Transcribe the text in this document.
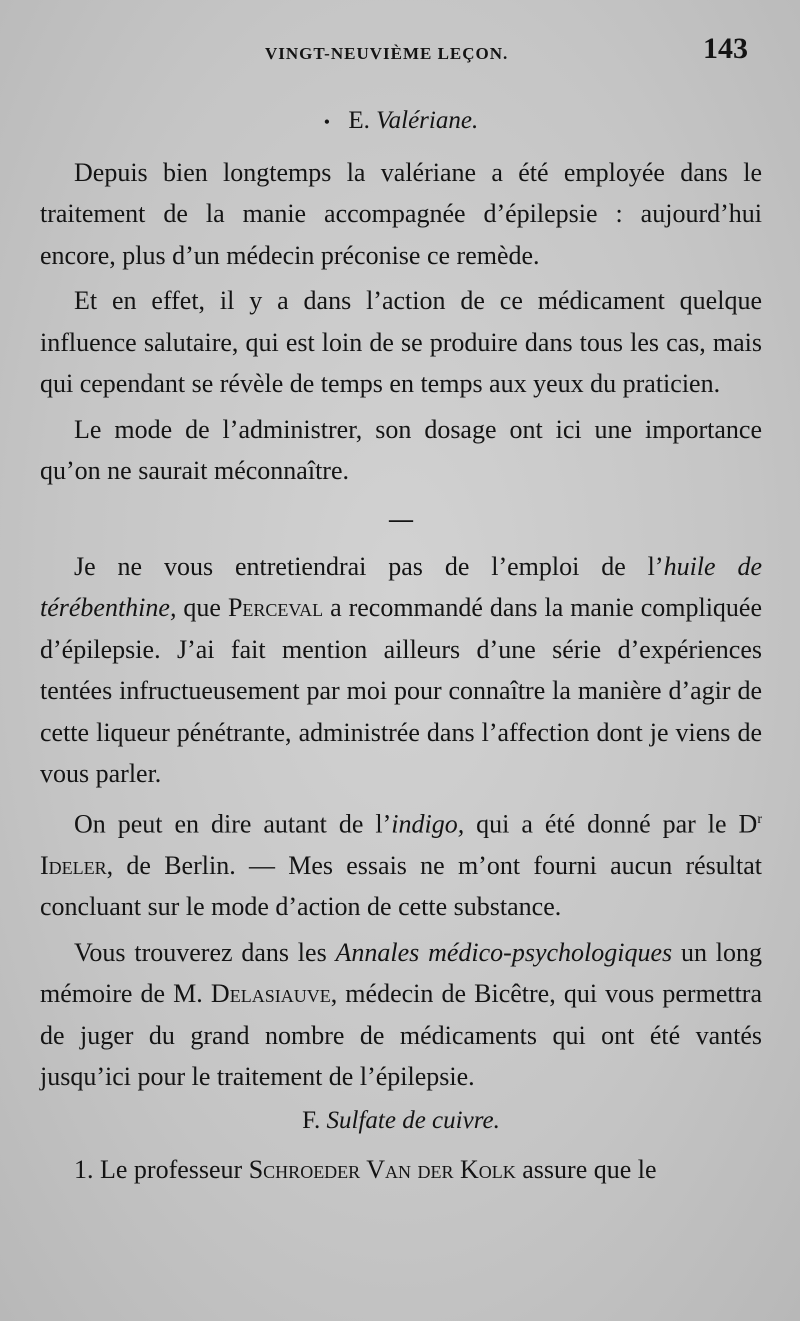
VINGT-NEUVIÈME LEÇON.	143

• E. Valériane.

Depuis bien longtemps la valériane a été employée dans le traitement de la manie accompagnée d’épilepsie : aujourd’hui encore, plus d’un médecin préconise ce remède.

Et en effet, il y a dans l’action de ce médicament quelque influence salutaire, qui est loin de se produire dans tous les cas, mais qui cependant se révèle de temps en temps aux yeux du praticien.

Le mode de l’administrer, son dosage ont ici une importance qu’on ne saurait méconnaître.

—

Je ne vous entretiendrai pas de l’emploi de l’huile de térébenthine, que Perceval a recommandé dans la manie compliquée d’épilepsie. J’ai fait mention ailleurs d’une série d’expériences tentées infructueusement par moi pour connaître la manière d’agir de cette liqueur pénétrante, administrée dans l’affection dont je viens de vous parler.

On peut en dire autant de l’indigo, qui a été donné par le $D^r$ Ideler, de Berlin. — Mes essais ne m’ont fourni aucun résultat concluant sur le mode d’action de cette substance.

Vous trouverez dans les Annales médico-psychologiques un long mémoire de M. Delasiauve, médecin de Bicêtre, qui vous permettra de juger du grand nombre de médicaments qui ont été vantés jusqu’ici pour le traitement de l’épilepsie.

F. Sulfate de cuivre.

1. Le professeur Schroeder Van der Kolk assure que le
